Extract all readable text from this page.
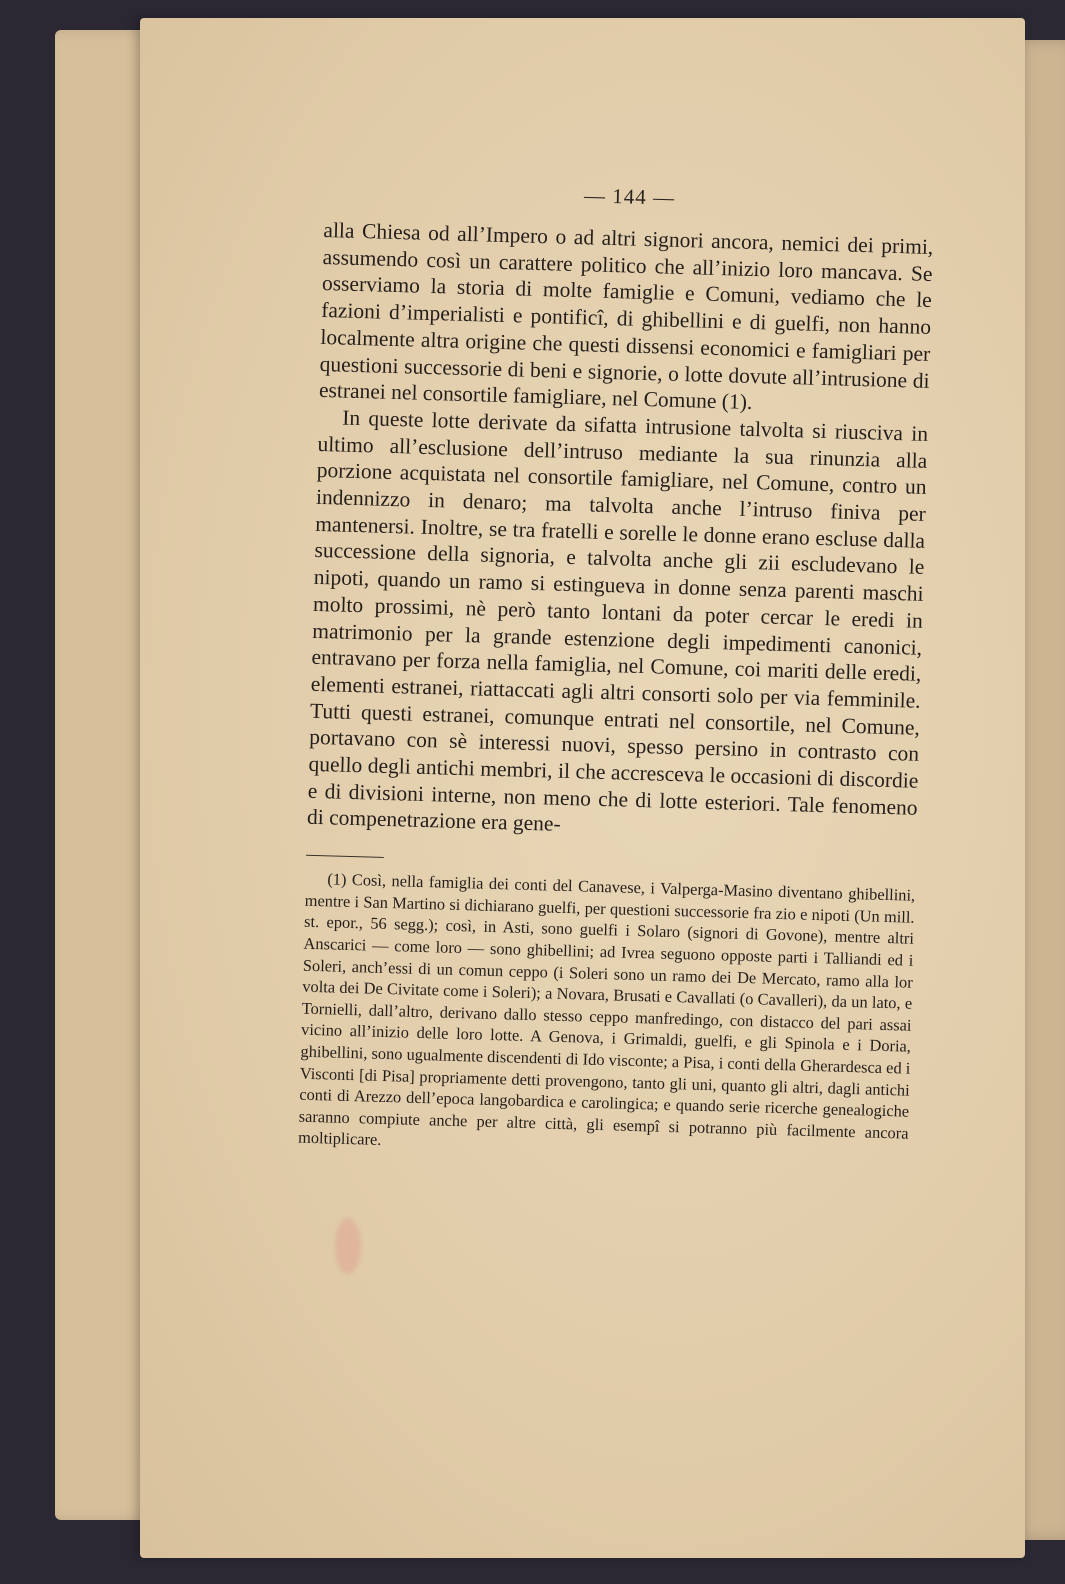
— 144 —

alla Chiesa od all’Impero o ad altri signori ancora, nemici dei primi, assumendo così un carattere politico che all’inizio loro mancava. Se osserviamo la storia di molte famiglie e Comuni, vediamo che le fazioni d’imperialisti e pontificî, di ghibellini e di guelfi, non hanno localmente altra origine che questi dissensi economici e famigliari per questioni successorie di beni e signorie, o lotte dovute all’intrusione di estranei nel consortile famigliare, nel Comune (1).

In queste lotte derivate da sifatta intrusione talvolta si riusciva in ultimo all’esclusione dell’intruso mediante la sua rinunzia alla porzione acquistata nel consortile famigliare, nel Comune, contro un indennizzo in denaro; ma talvolta anche l’intruso finiva per mantenersi. Inoltre, se tra fratelli e sorelle le donne erano escluse dalla successione della signoria, e talvolta anche gli zii escludevano le nipoti, quando un ramo si estingueva in donne senza parenti maschi molto prossimi, nè però tanto lontani da poter cercar le eredi in matrimonio per la grande estenzione degli impedimenti canonici, entravano per forza nella famiglia, nel Comune, coi mariti delle eredi, elementi estranei, riattaccati agli altri consorti solo per via femminile. Tutti questi estranei, comunque entrati nel consortile, nel Comune, portavano con sè interessi nuovi, spesso persino in contrasto con quello degli antichi membri, il che accresceva le occasioni di discordie e di divisioni interne, non meno che di lotte esteriori. Tale fenomeno di compenetrazione era gene-

(1) Così, nella famiglia dei conti del Canavese, i Valperga-Masino diventano ghibellini, mentre i San Martino si dichiarano guelfi, per questioni successorie fra zio e nipoti (Un mill. st. epor., 56 segg.); così, in Asti, sono guelfi i Solaro (signori di Govone), mentre altri Anscarici — come loro — sono ghibellini; ad Ivrea seguono opposte parti i Talliandi ed i Soleri, anch’essi di un comun ceppo (i Soleri sono un ramo dei De Mercato, ramo alla lor volta dei De Civitate come i Soleri); a Novara, Brusati e Cavallati (o Cavalleri), da un lato, e Tornielli, dall’altro, derivano dallo stesso ceppo manfredingo, con distacco del pari assai vicino all’inizio delle loro lotte. A Genova, i Grimaldi, guelfi, e gli Spinola e i Doria, ghibellini, sono ugualmente discendenti di Ido visconte; a Pisa, i conti della Gherardesca ed i Visconti [di Pisa] propriamente detti provengono, tanto gli uni, quanto gli altri, dagli antichi conti di Arezzo dell’epoca langobardica e carolingica; e quando serie ricerche genealogiche saranno compiute anche per altre città, gli esempî si potranno più facilmente ancora moltiplicare.
